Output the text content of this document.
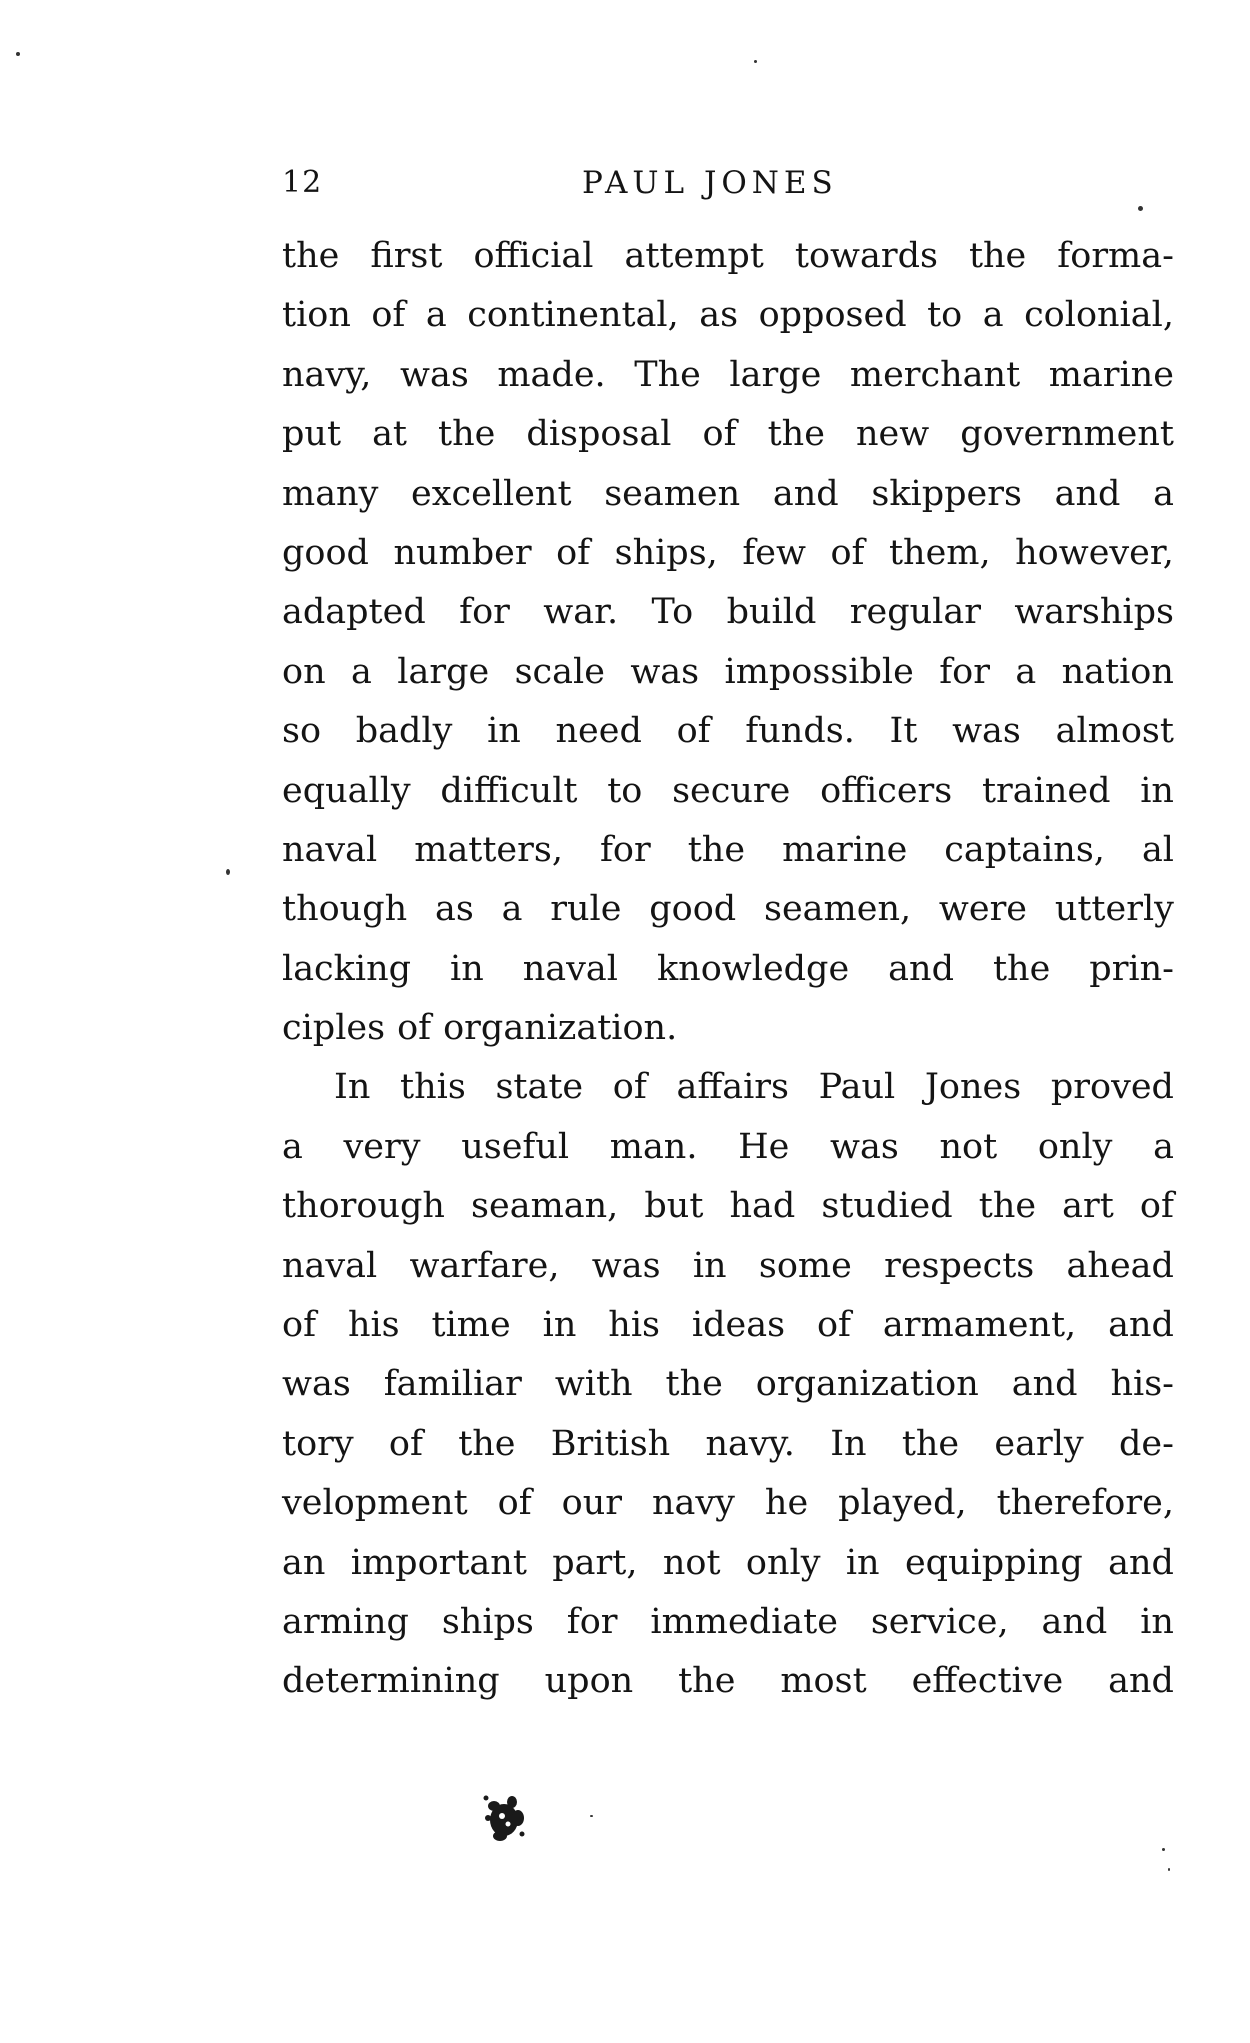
12	PAUL JONES
the first official attempt towards the forma-
tion of a continental, as opposed to a colonial,
navy, was made. The large merchant marine
put at the disposal of the new government
many excellent seamen and skippers and a
good number of ships, few of them, however,
adapted for war. To build regular warships
on a large scale was impossible for a nation
so badly in need of funds. It was almost
equally difficult to secure officers trained in
naval matters, for the marine captains, al
though as a rule good seamen, were utterly
lacking in naval knowledge and the prin-
ciples of organization.
In this state of affairs Paul Jones proved
a very useful man. He was not only a
thorough seaman, but had studied the art of
naval warfare, was in some respects ahead
of his time in his ideas of armament, and
was familiar with the organization and his-
tory of the British navy. In the early de-
velopment of our navy he played, therefore,
an important part, not only in equipping and
arming ships for immediate service, and in
determining upon the most effective and
